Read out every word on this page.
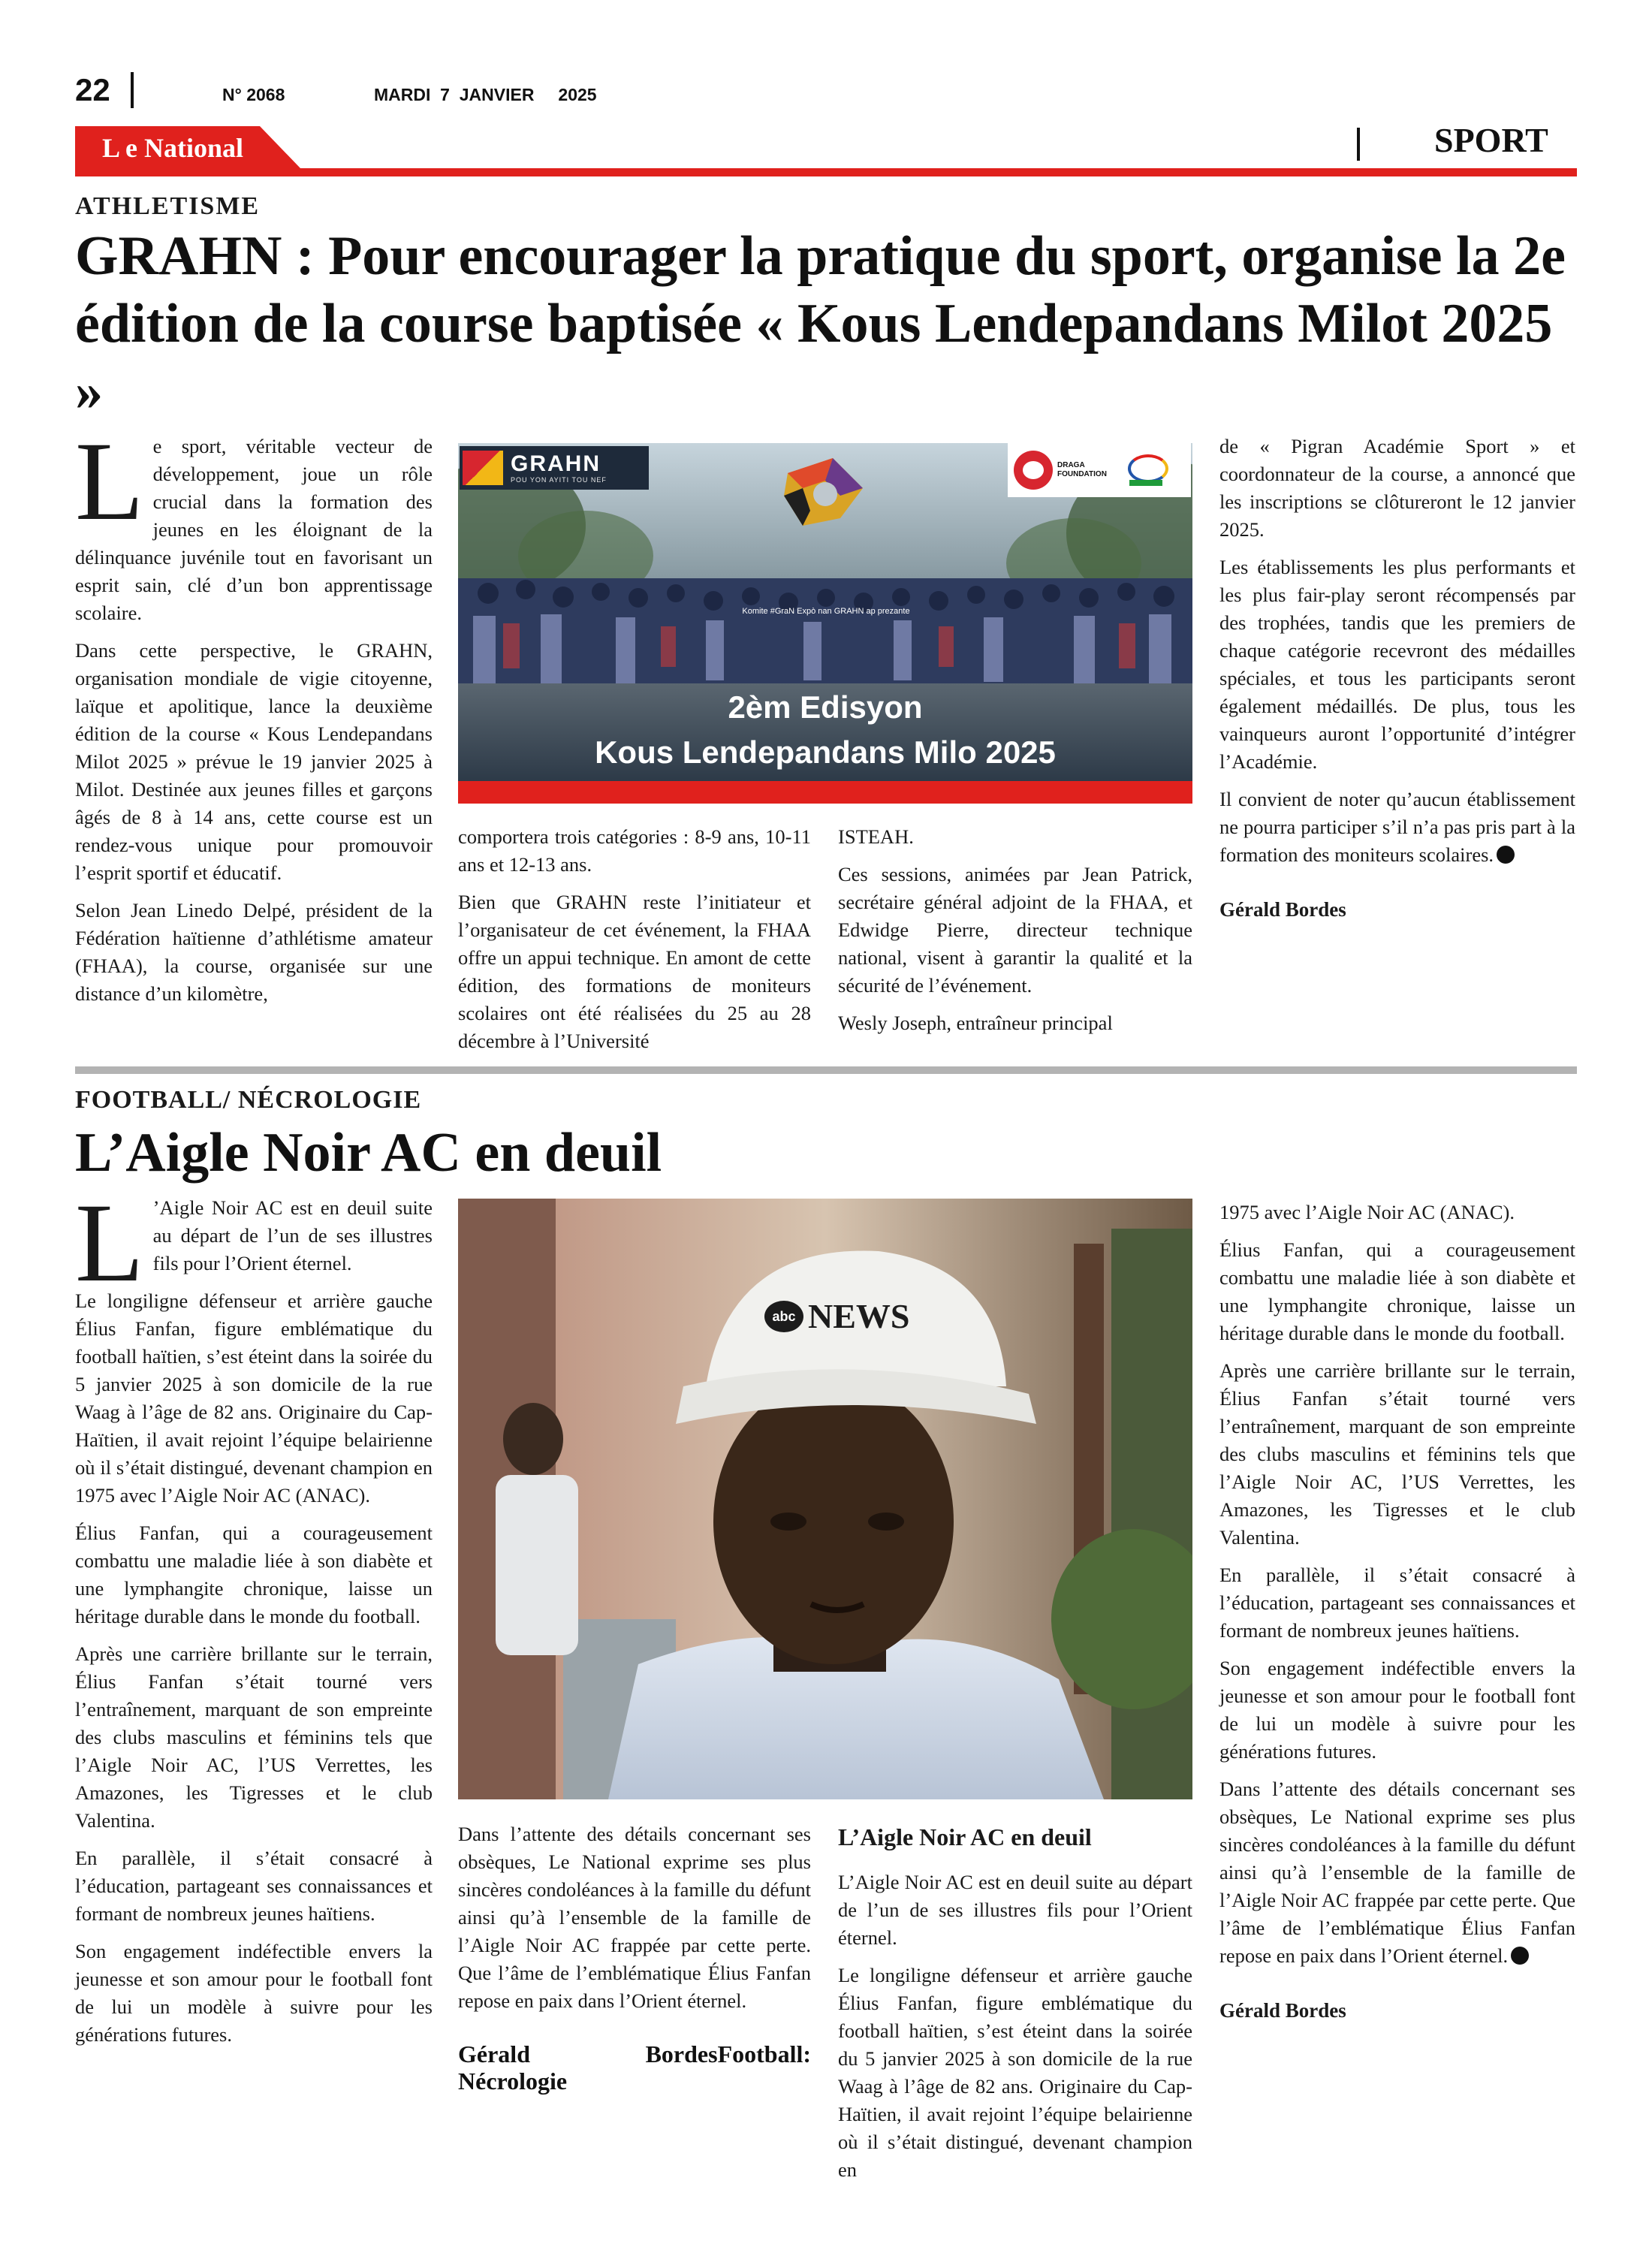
22	N° 2068	MARDI 7 JANVIER 2025
L e National	SPORT
ATHLETISME
GRAHN : Pour encourager la pratique du sport, organise la 2e édition de la course baptisée « Kous Lendepandans Milot 2025 »

Le sport, véritable vecteur de développement, joue un rôle crucial dans la formation des jeunes en les éloignant de la délinquance juvénile tout en favorisant un esprit sain, clé d’un bon apprentissage scolaire.

Dans cette perspective, le GRAHN, organisation mondiale de vigie citoyenne, laïque et apolitique, lance la deuxième édition de la course « Kous Lendepandans Milot 2025 » prévue le 19 janvier 2025 à Milot. Destinée aux jeunes filles et garçons âgés de 8 à 14 ans, cette course est un rendez-vous unique pour promouvoir l’esprit sportif et éducatif.

Selon Jean Linedo Delpé, président de la Fédération haïtienne d’athlétisme amateur (FHAA), la course, organisée sur une distance d’un kilomètre,

GRAHN
POU YON AYITI TOU NEF
DRAGA FOUNDATION
Komite #GraN Expò nan GRAHN ap prezante
2èm Edisyon
Kous Lendepandans Milo 2025

comportera trois catégories : 8-9 ans, 10-11 ans et 12-13 ans.

Bien que GRAHN reste l’initiateur et l’organisateur de cet événement, la FHAA offre un appui technique. En amont de cette édition, des formations de moniteurs scolaires ont été réalisées du 25 au 28 décembre à l’Université

ISTEAH.

Ces sessions, animées par Jean Patrick, secrétaire général adjoint de la FHAA, et Edwidge Pierre, directeur technique national, visent à garantir la qualité et la sécurité de l’événement.

Wesly Joseph, entraîneur principal

de « Pigran Académie Sport » et coordonnateur de la course, a annoncé que les inscriptions se clôtureront le 12 janvier 2025.

Les établissements les plus performants et les plus fair-play seront récompensés par des trophées, tandis que les premiers de chaque catégorie recevront des médailles spéciales, et tous les participants seront également médaillés. De plus, tous les vainqueurs auront l’opportunité d’intégrer l’Académie.

Il convient de noter qu’aucun établissement ne pourra participer s’il n’a pas pris part à la formation des moniteurs scolaires.

Gérald Bordes

FOOTBALL/ NÉCROLOGIE
L’Aigle Noir AC en deuil

L ’Aigle Noir AC est en deuil suite au départ de l’un de ses illustres fils pour l’Orient éternel.

Le longiligne défenseur et arrière gauche Élius Fanfan, figure emblématique du football haïtien, s’est éteint dans la soirée du 5 janvier 2025 à son domicile de la rue Waag à l’âge de 82 ans. Originaire du Cap-Haïtien, il avait rejoint l’équipe belairienne où il s’était distingué, devenant champion en 1975 avec l’Aigle Noir AC (ANAC).

Élius Fanfan, qui a courageusement combattu une maladie liée à son diabète et une lymphangite chronique, laisse un héritage durable dans le monde du football.

Après une carrière brillante sur le terrain, Élius Fanfan s’était tourné vers l’entraînement, marquant de son empreinte des clubs masculins et féminins tels que l’Aigle Noir AC, l’US Verrettes, les Amazones, les Tigresses et le club Valentina.

En parallèle, il s’était consacré à l’éducation, partageant ses connaissances et formant de nombreux jeunes haïtiens.

Son engagement indéfectible envers la jeunesse et son amour pour le football font de lui un modèle à suivre pour les générations futures.

abc NEWS

Dans l’attente des détails concernant ses obsèques, Le National exprime ses plus sincères condoléances à la famille du défunt ainsi qu’à l’ensemble de la famille de l’Aigle Noir AC frappée par cette perte. Que l’âme de l’emblématique Élius Fanfan repose en paix dans l’Orient éternel.

Gérald BordesFootball: Nécrologie

L’Aigle Noir AC en deuil

L’Aigle Noir AC est en deuil suite au départ de l’un de ses illustres fils pour l’Orient éternel.

Le longiligne défenseur et arrière gauche Élius Fanfan, figure emblématique du football haïtien, s’est éteint dans la soirée du 5 janvier 2025 à son domicile de la rue Waag à l’âge de 82 ans. Originaire du Cap-Haïtien, il avait rejoint l’équipe belairienne où il s’était distingué, devenant champion en

1975 avec l’Aigle Noir AC (ANAC).

Élius Fanfan, qui a courageusement combattu une maladie liée à son diabète et une lymphangite chronique, laisse un héritage durable dans le monde du football.

Après une carrière brillante sur le terrain, Élius Fanfan s’était tourné vers l’entraînement, marquant de son empreinte des clubs masculins et féminins tels que l’Aigle Noir AC, l’US Verrettes, les Amazones, les Tigresses et le club Valentina.

En parallèle, il s’était consacré à l’éducation, partageant ses connaissances et formant de nombreux jeunes haïtiens.

Son engagement indéfectible envers la jeunesse et son amour pour le football font de lui un modèle à suivre pour les générations futures.

Dans l’attente des détails concernant ses obsèques, Le National exprime ses plus sincères condoléances à la famille du défunt ainsi qu’à l’ensemble de la famille de l’Aigle Noir AC frappée par cette perte. Que l’âme de l’emblématique Élius Fanfan repose en paix dans l’Orient éternel.

Gérald Bordes
